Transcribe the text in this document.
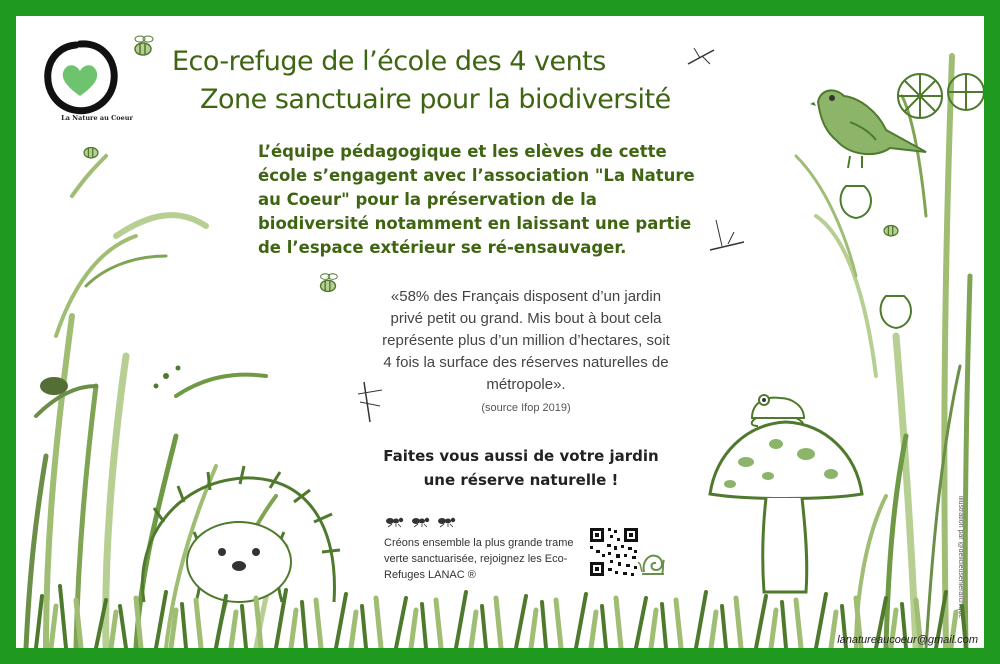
La Nature au Coeur
Eco-refuge de l’école des 4 vents
Zone sanctuaire pour la biodiversité
L’équipe pédagogique et les elèves de cette école s’engagent avec l’association "La Nature au Coeur" pour la préservation de la biodiversité notamment en laissant une partie de l’espace extérieur se ré-ensauvager.
«58% des Français disposent d’un jardin privé petit ou grand. Mis bout à bout cela représente plus d’un million d’hectares, soit 4 fois la surface des réserves naturelles de métropole».
(source Ifop 2019)
Faites vous aussi de votre jardin une réserve naturelle !
Créons ensemble la plus grande trame verte sanctuarisée, rejoignez les Eco-Refuges LANAC ®	illustration par @delicieusehierarchique
lanatureaucoeur@gmail.com
